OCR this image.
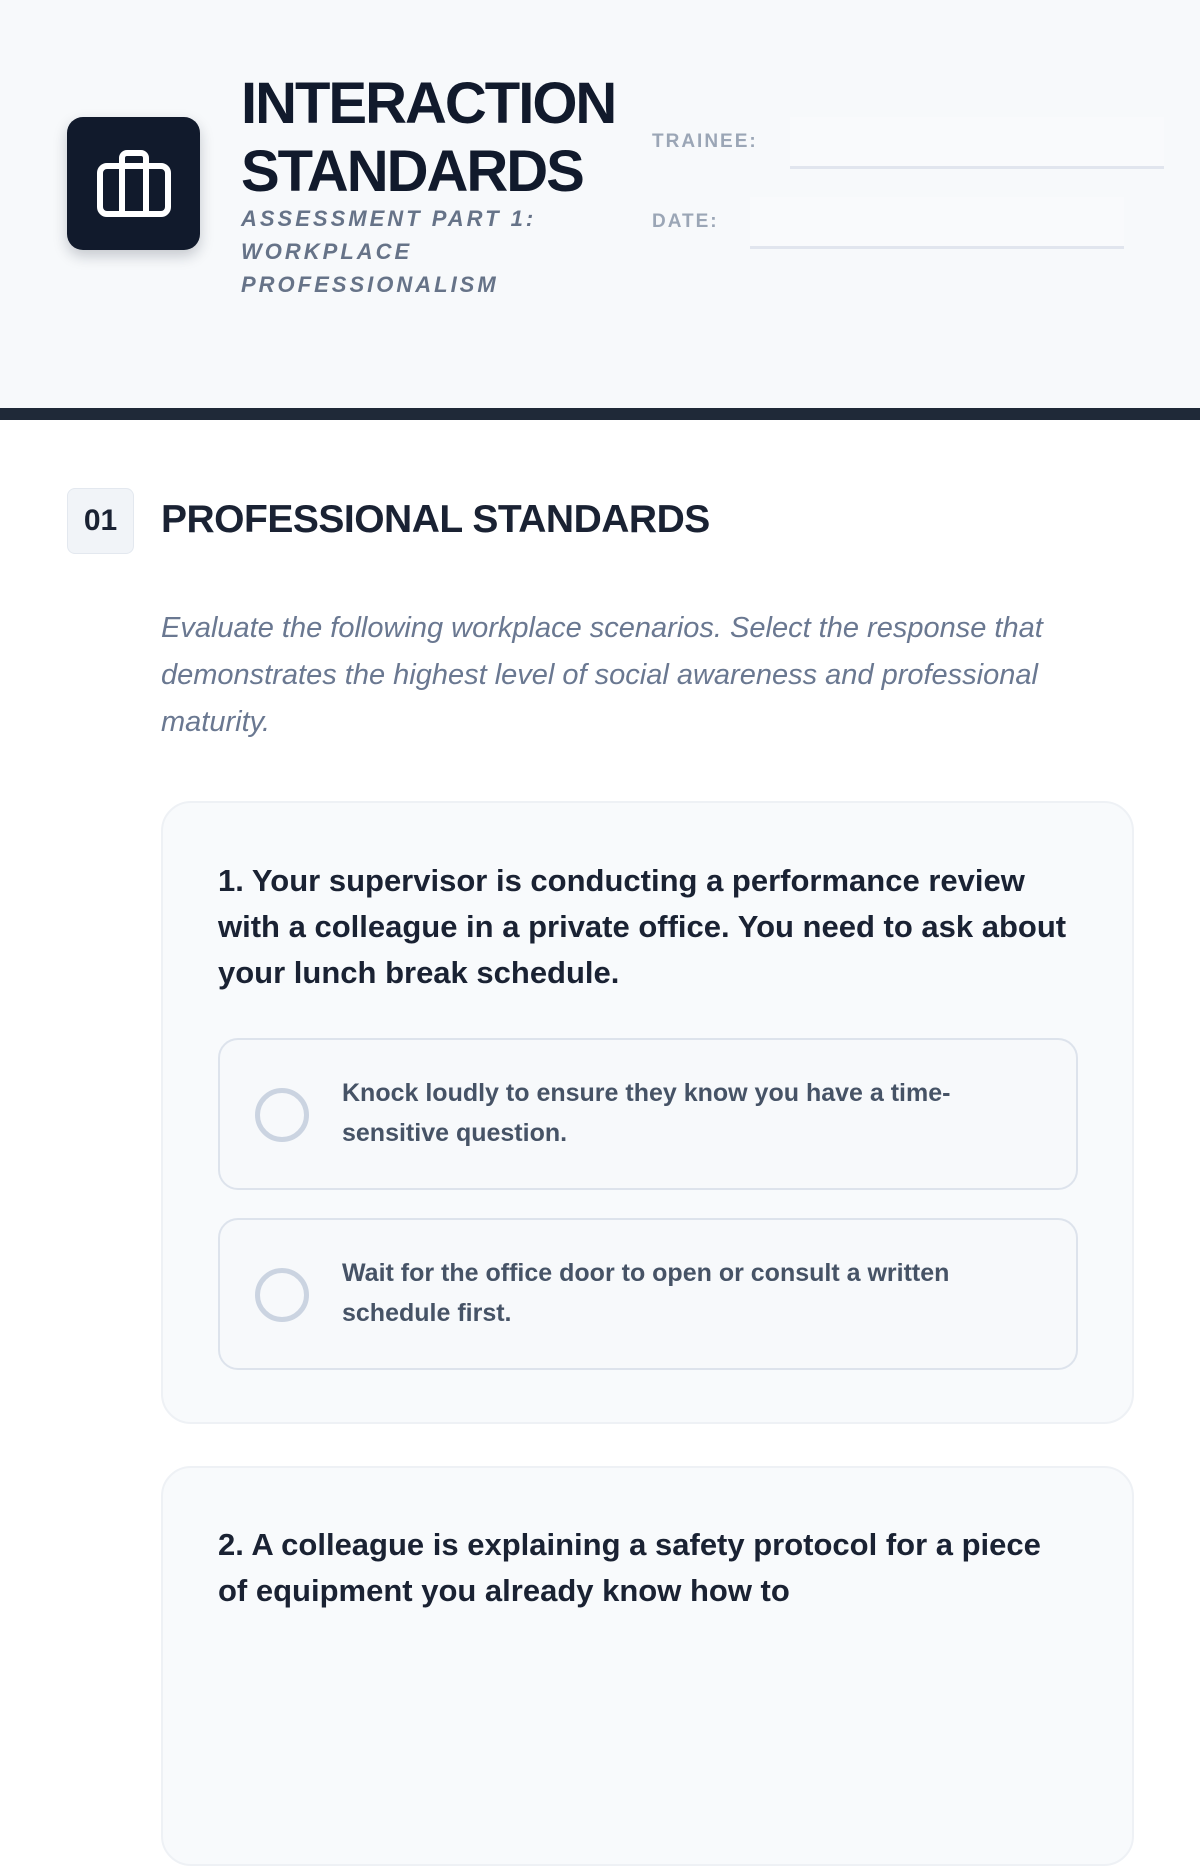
INTERACTION STANDARDS
ASSESSMENT PART 1: WORKPLACE PROFESSIONALISM
TRAINEE:
DATE:
01	PROFESSIONAL STANDARDS

Evaluate the following workplace scenarios. Select the response that demonstrates the highest level of social awareness and professional maturity.

1. Your supervisor is conducting a performance review with a colleague in a private office. You need to ask about your lunch break schedule.
Knock loudly to ensure they know you have a time-sensitive question.
Wait for the office door to open or consult a written schedule first.
2. A colleague is explaining a safety protocol for a piece of equipment you already know how to
